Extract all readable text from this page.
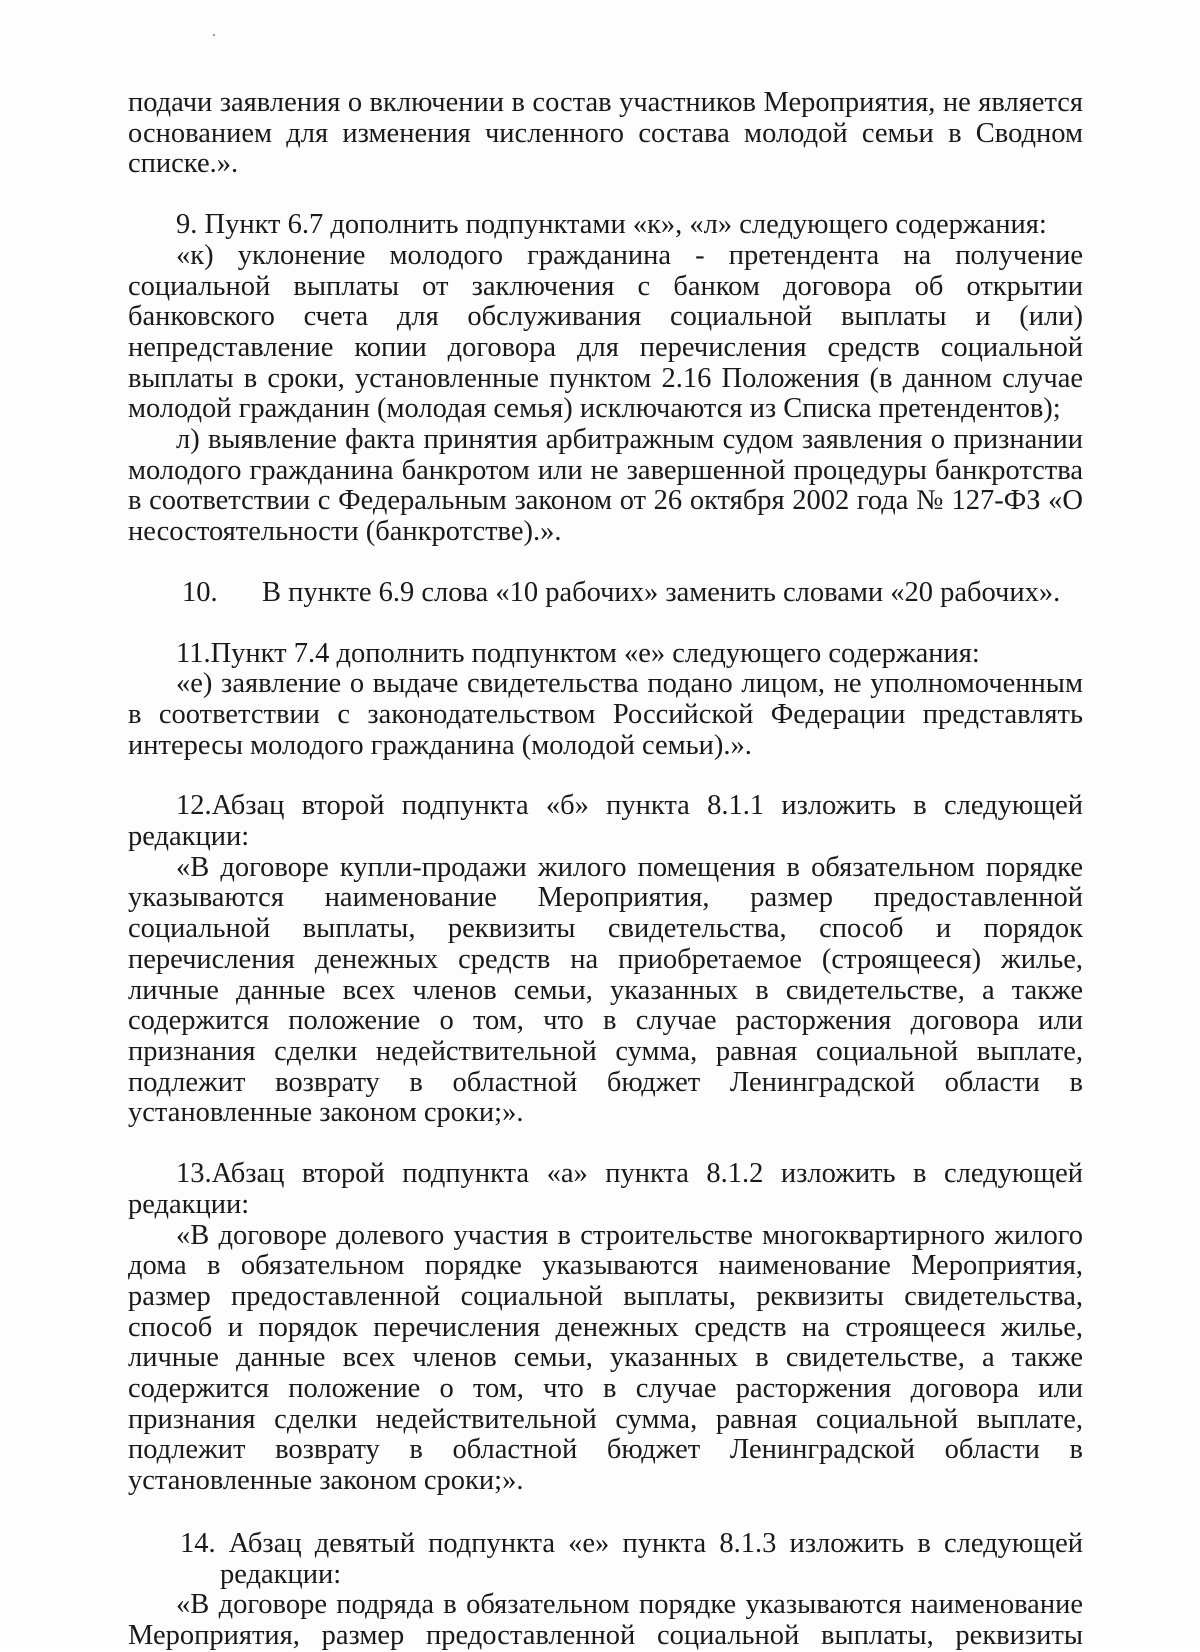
подачи заявления о включении в состав участников Мероприятия, не является основанием для изменения численного состава молодой семьи в Сводном списке.».

9. Пункт 6.7 дополнить подпунктами «к», «л» следующего содержания:

«к) уклонение молодого гражданина - претендента на получение социальной выплаты от заключения с банком договора об открытии банковского счета для обслуживания социальной выплаты и (или) непредставление копии договора для перечисления средств социальной выплаты в сроки, установленные пунктом 2.16 Положения (в данном случае молодой гражданин (молодая семья) исключаются из Списка претендентов);

л) выявление факта принятия арбитражным судом заявления о признании молодого гражданина банкротом или не завершенной процедуры банкротства в соответствии с Федеральным законом от 26 октября 2002 года № 127-ФЗ «О несостоятельности (банкротстве).».

10. В пункте 6.9 слова «10 рабочих» заменить словами «20 рабочих».

11.Пункт 7.4 дополнить подпунктом «е» следующего содержания:

«е) заявление о выдаче свидетельства подано лицом, не уполномоченным в соответствии с законодательством Российской Федерации представлять интересы молодого гражданина (молодой семьи).».

12.Абзац второй подпункта «б» пункта 8.1.1 изложить в следующей редакции:

«В договоре купли-продажи жилого помещения в обязательном порядке указываются наименование Мероприятия, размер предоставленной социальной выплаты, реквизиты свидетельства, способ и порядок перечисления денежных средств на приобретаемое (строящееся) жилье, личные данные всех членов семьи, указанных в свидетельстве, а также содержится положение о том, что в случае расторжения договора или признания сделки недействительной сумма, равная социальной выплате, подлежит возврату в областной бюджет Ленинградской области в установленные законом сроки;».

13.Абзац второй подпункта «а» пункта 8.1.2 изложить в следующей редакции:

«В договоре долевого участия в строительстве многоквартирного жилого дома в обязательном порядке указываются наименование Мероприятия, размер предоставленной социальной выплаты, реквизиты свидетельства, способ и порядок перечисления денежных средств на строящееся жилье, личные данные всех членов семьи, указанных в свидетельстве, а также содержится положение о том, что в случае расторжения договора или признания сделки недействительной сумма, равная социальной выплате, подлежит возврату в областной бюджет Ленинградской области в установленные законом сроки;».

14. Абзац девятый подпункта «е» пункта 8.1.3 изложить в следующей редакции:

«В договоре подряда в обязательном порядке указываются наименование Мероприятия, размер предоставленной социальной выплаты, реквизиты
